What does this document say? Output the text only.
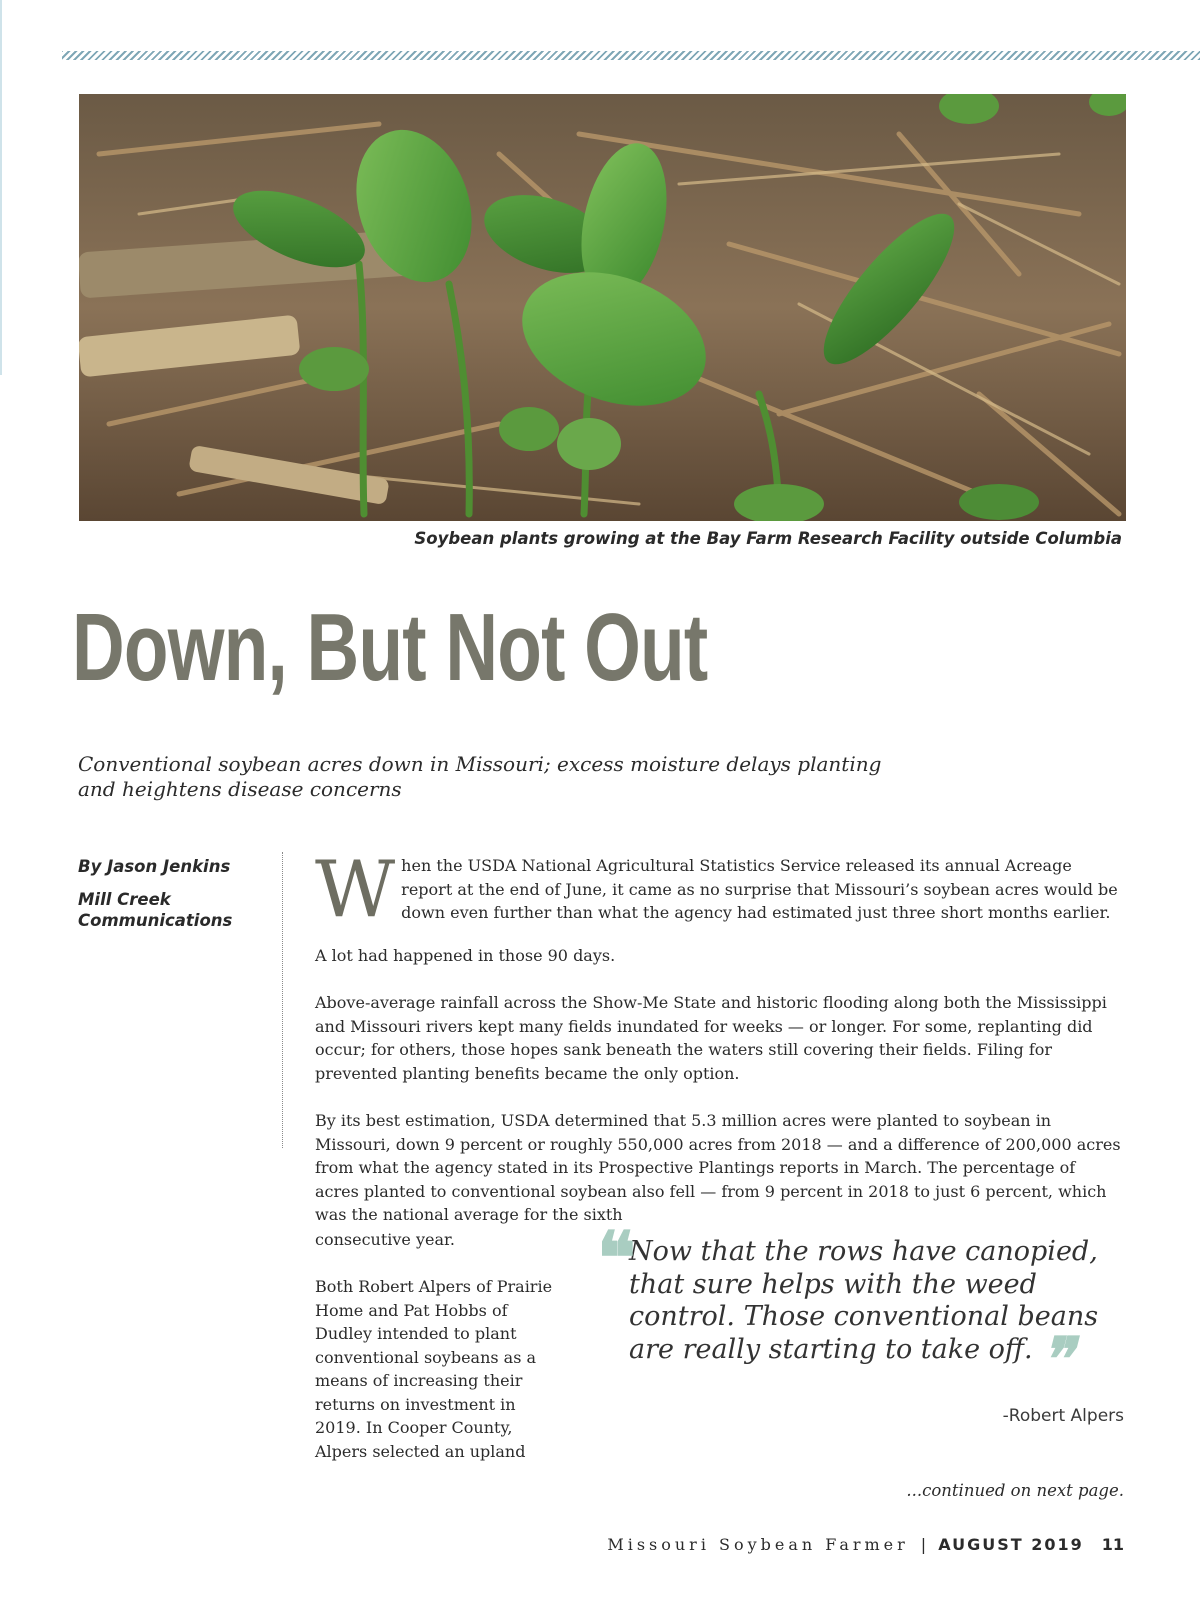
Soybean plants growing at the Bay Farm Research Facility outside Columbia
Down, But Not Out

Conventional soybean acres down in Missouri; excess moisture delays planting and heightens disease concerns

By Jason Jenkins

Mill Creek Communications	W hen the USDA National Agricultural Statistics Service released its annual Acreage report at the end of June, it came as no surprise that Missouri’s soybean acres would be down even further than what the agency had estimated just three short months earlier.

A lot had happened in those 90 days.

Above-average rainfall across the Show-Me State and historic flooding along both the Mississippi and Missouri rivers kept many fields inundated for weeks — or longer. For some, replanting did occur; for others, those hopes sank beneath the waters still covering their fields. Filing for prevented planting benefits became the only option.

By its best estimation, USDA determined that 5.3 million acres were planted to soybean in Missouri, down 9 percent or roughly 550,000 acres from 2018 — and a difference of 200,000 acres from what the agency stated in its Prospective Plantings reports in March. The percentage of acres planted to conventional soybean also fell — from 9 percent in 2018 to just 6 percent, which was the national average for the sixth

consecutive year.

Both Robert Alpers of Prairie Home and Pat Hobbs of Dudley intended to plant conventional soybeans as a means of increasing their returns on investment in 2019. In Cooper County, Alpers selected an upland

❝

Now that the rows have canopied, that sure helps with the weed control. Those conventional beans are really starting to take off. ❞

-Robert Alpers
...continued on next page.
Missouri Soybean Farmer | AUGUST 2019 11
